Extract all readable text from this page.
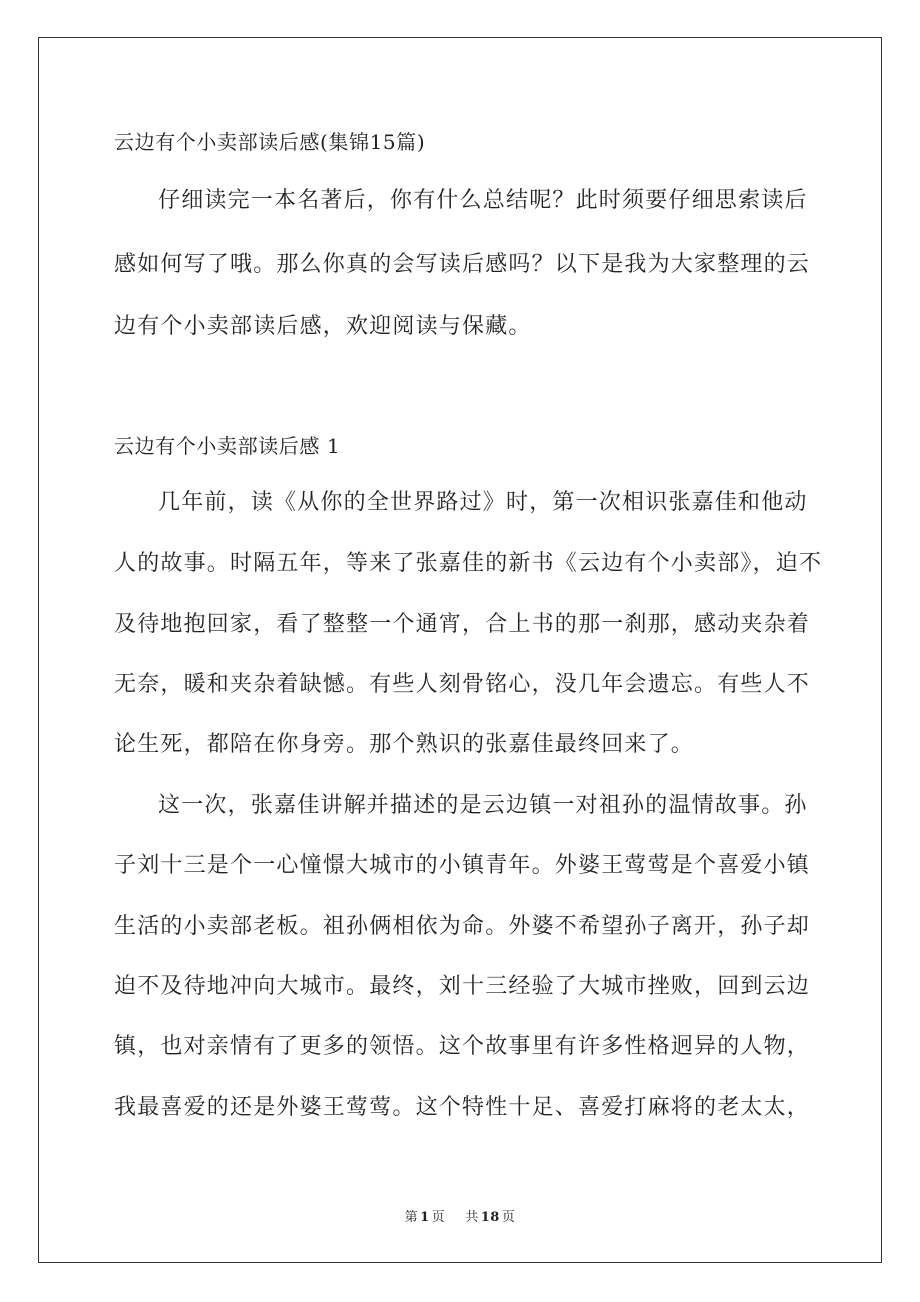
云边有个小卖部读后感(集锦15篇)
仔细读完一本名著后，你有什么总结呢？此时须要仔细思索读后
感如何写了哦。那么你真的会写读后感吗？以下是我为大家整理的云
边有个小卖部读后感，欢迎阅读与保藏。
云边有个小卖部读后感 1
几年前，读《从你的全世界路过》时，第一次相识张嘉佳和他动
人的故事。时隔五年，等来了张嘉佳的新书《云边有个小卖部》，迫不
及待地抱回家，看了整整一个通宵，合上书的那一刹那，感动夹杂着
无奈，暖和夹杂着缺憾。有些人刻骨铭心，没几年会遗忘。有些人不
论生死，都陪在你身旁。那个熟识的张嘉佳最终回来了。
这一次，张嘉佳讲解并描述的是云边镇一对祖孙的温情故事。孙
子刘十三是个一心憧憬大城市的小镇青年。外婆王莺莺是个喜爱小镇
生活的小卖部老板。祖孙俩相依为命。外婆不希望孙子离开，孙子却
迫不及待地冲向大城市。最终，刘十三经验了大城市挫败，回到云边
镇，也对亲情有了更多的领悟。这个故事里有许多性格迥异的人物，
我最喜爱的还是外婆王莺莺。这个特性十足、喜爱打麻将的老太太，
第 1 页 共 18 页
